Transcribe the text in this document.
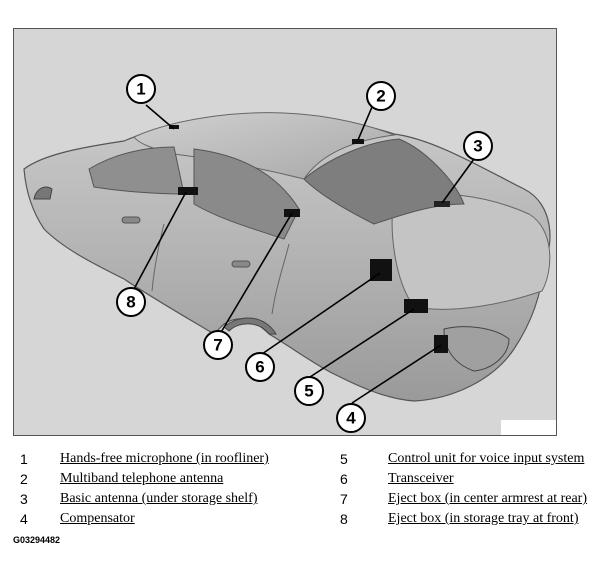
1	2
3
4
5
6
7
8
1	Hands-free microphone (in roofliner)
2	Multiband telephone antenna
3	Basic antenna (under storage shelf)
4	Compensator
5	Control unit for voice input system
6	Transceiver
7	Eject box (in center armrest at rear)
8	Eject box (in storage tray at front)
G03294482
